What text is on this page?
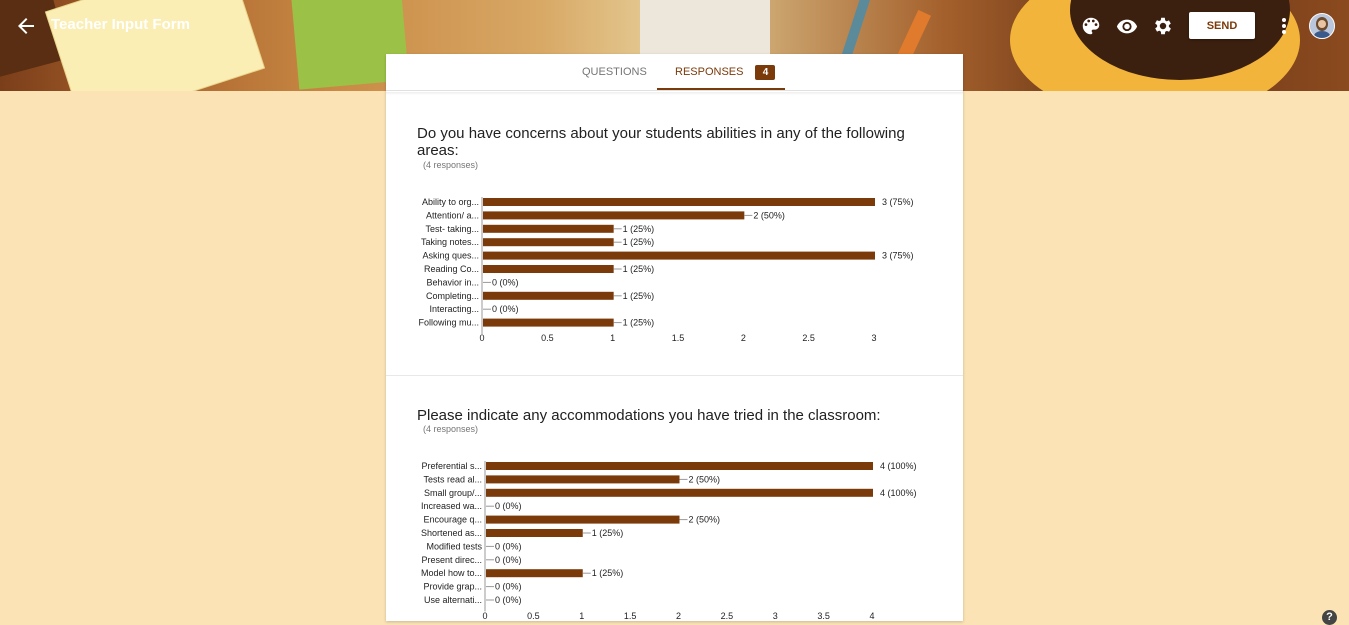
Teacher Input Form	SEND
QUESTIONS	RESPONSES 4
Do you have concerns about your students abilities in any of the following areas:
(4 responses)
Ability to org...	3 (75%)
Attention/ a...	2 (50%)
Test- taking...	1 (25%)
Taking notes...	1 (25%)
Asking ques...	3 (75%)
Reading Co...	1 (25%)
Behavior in... 0 (0%)
Completing...	1 (25%)
Interacting... 0 (0%)
Following mu...	1 (25%)
0	0.5	1	1.5	2	2.5	3
Please indicate any accommodations you have tried in the classroom:
(4 responses)
Preferential s...	4 (100%)
Tests read al...	2 (50%)
Small group/...	4 (100%)
Increased wa... 0 (0%)
Encourage q...	2 (50%)
Shortened as...	1 (25%)
Modified tests 0 (0%)
Present direc... 0 (0%)
Model how to...	1 (25%)
Provide grap... 0 (0%)
Use alternati... 0 (0%)
0	0.5	1	1.5	2	2.5	3	3.5	4	?
